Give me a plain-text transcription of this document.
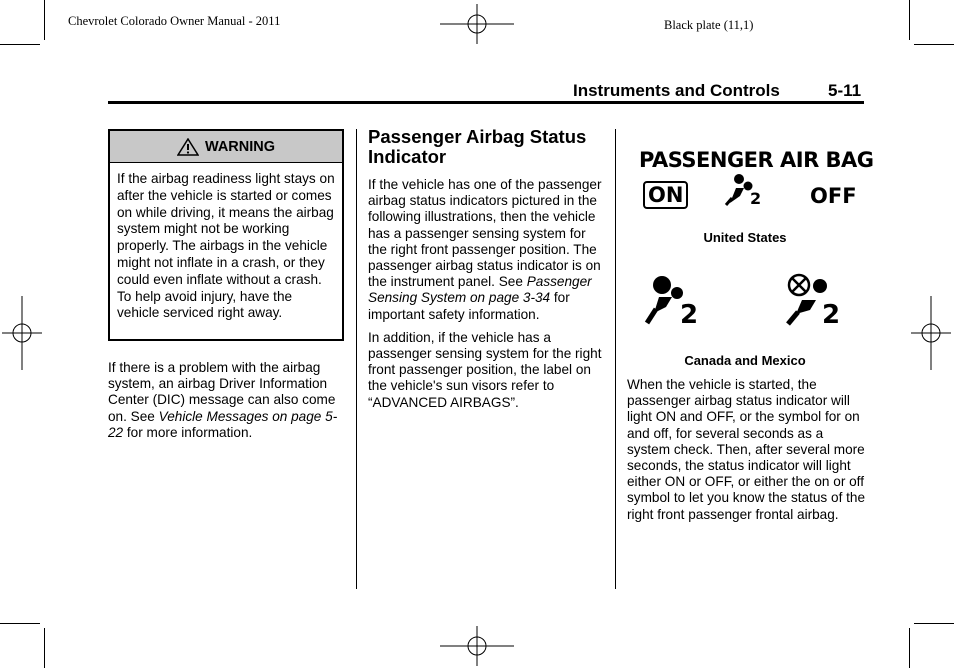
Chevrolet Colorado Owner Manual - 2011	Black plate (11,1)
Instruments and Controls	5-11
WARNING
If the airbag readiness light stays on after the vehicle is started or comes on while driving, it means the airbag system might not be working properly. The airbags in the vehicle might not inflate in a crash, or they could even inflate without a crash. To help avoid injury, have the vehicle serviced right away.

If there is a problem with the airbag system, an airbag Driver Information Center (DIC) message can also come on. See Vehicle Messages on page 5-22 for more information.

Passenger Airbag Status Indicator

If the vehicle has one of the passenger airbag status indicators pictured in the following illustrations, then the vehicle has a passenger sensing system for the right front passenger position. The passenger airbag status indicator is on the instrument panel. See Passenger Sensing System on page 3-34 for important safety information.

In addition, if the vehicle has a passenger sensing system for the right front passenger position, the label on the vehicle's sun visors refer to “ADVANCED AIRBAGS”.

PASSENGER AIR BAG
ON	2 OFF
United States
2	2
Canada and Mexico

When the vehicle is started, the passenger airbag status indicator will light ON and OFF, or the symbol for on and off, for several seconds as a system check. Then, after several more seconds, the status indicator will light either ON or OFF, or either the on or off symbol to let you know the status of the right front passenger frontal airbag.
